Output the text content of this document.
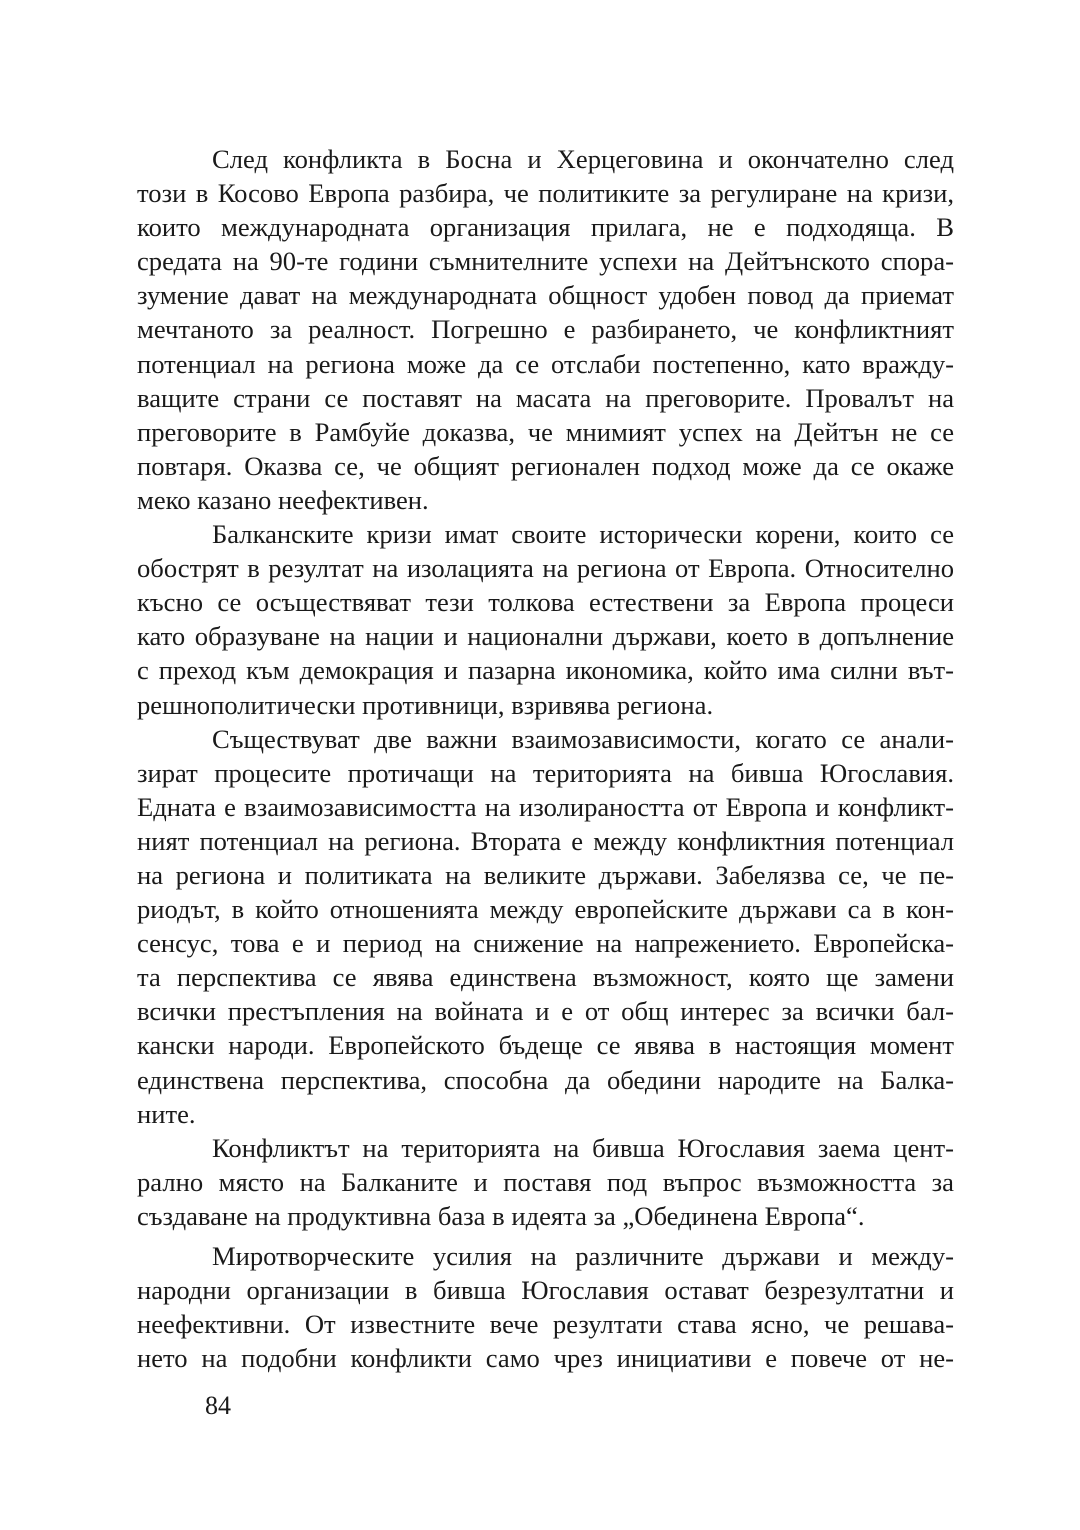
След конфликта в Босна и Херцеговина и окончателно след
този в Косово Европа разбира, че политиките за регулиране на кризи,
които международната организация прилага, не е подходяща. В
средата на 90-те години съмнителните успехи на Дейтънското спора-
зумение дават на международната общност удобен повод да приемат
мечтаното за реалност. Погрешно е разбирането, че конфликтният
потенциал на региона може да се отслаби постепенно, като вражду-
ващите страни се поставят на масата на преговорите. Провалът на
преговорите в Рамбуйе доказва, че мнимият успех на Дейтън не се
повтаря. Оказва се, че общият регионален подход може да се окаже
меко казано неефективен.
Балканските кризи имат своите исторически корени, които се
обострят в резултат на изолацията на региона от Европа. Относително
късно се осъществяват тези толкова естествени за Европа процеси
като образуване на нации и национални държави, което в допълнение
с преход към демокрация и пазарна икономика, който има силни вът-
решнополитически противници, взривява региона.
Съществуват две важни взаимозависимости, когато се анали-
зират процесите протичащи на територията на бивша Югославия.
Едната е взаимозависимостта на изолираността от Европа и конфликт-
ният потенциал на региона. Втората е между конфликтния потенциал
на региона и политиката на великите държави. Забелязва се, че пе-
риодът, в който отношенията между европейските държави са в кон-
сенсус, това е и период на снижение на напрежението. Европейска-
та перспектива се явява единствена възможност, която ще замени
всички престъпления на войната и е от общ интерес за всички бал-
кански народи. Европейското бъдеще се явява в настоящия момент
единствена перспектива, способна да обедини народите на Балка-
ните.
Конфликтът на територията на бивша Югославия заема цент-
рално място на Балканите и поставя под въпрос възможността за
създаване на продуктивна база в идеята за „Обединена Европа“.
Миротворческите усилия на различните държави и между-
народни организации в бивша Югославия остават безрезултатни и
неефективни. От известните вече резултати става ясно, че решава-
нето на подобни конфликти само чрез инициативи е повече от не-
84
